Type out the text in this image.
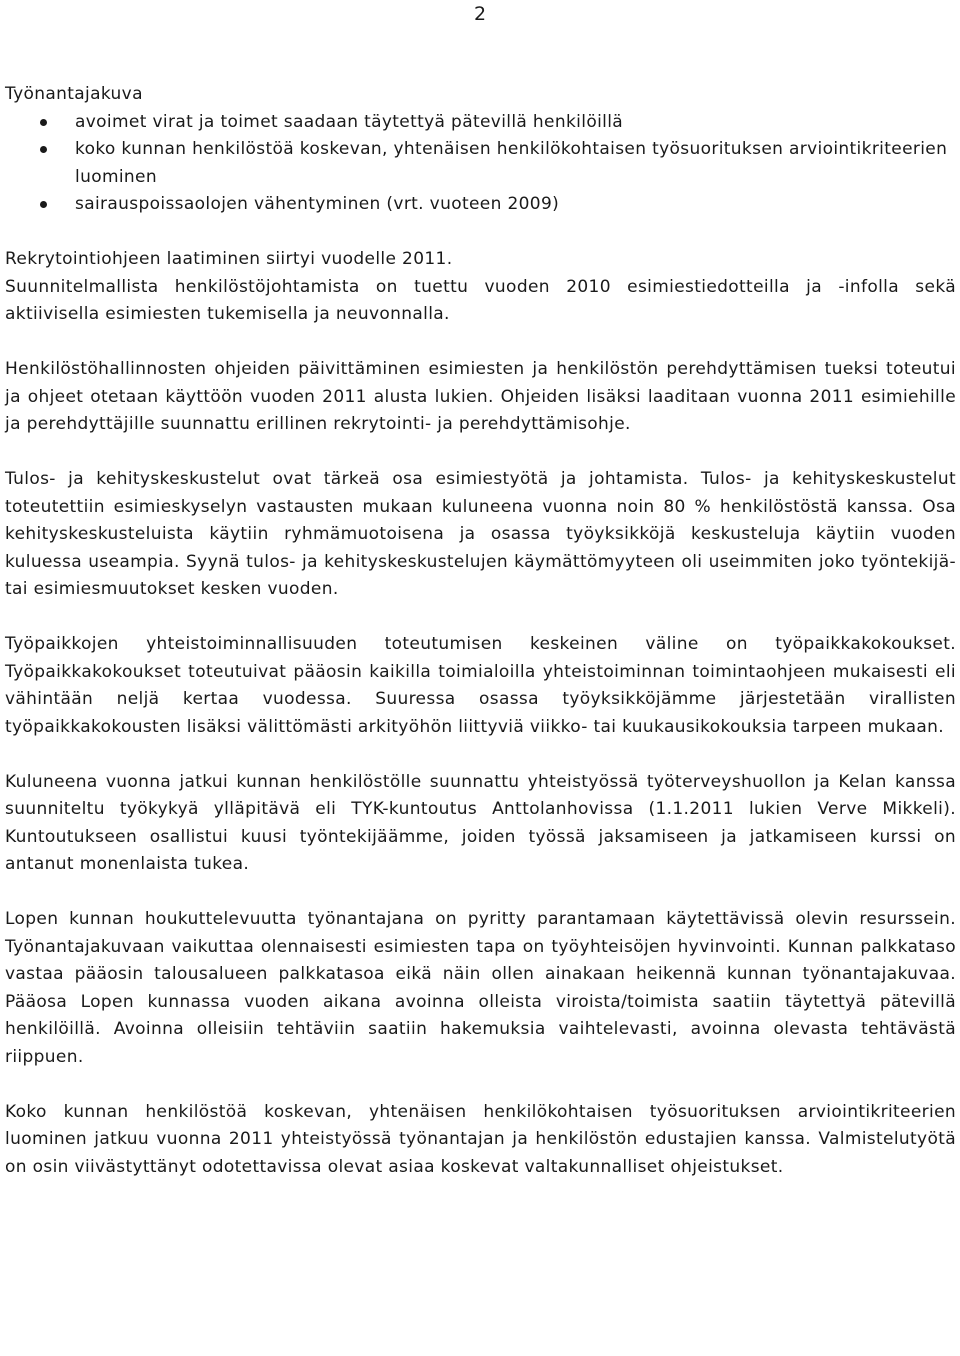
2

Työnantajakuva

avoimet virat ja toimet saadaan täytettyä pätevillä henkilöillä
koko kunnan henkilöstöä koskevan, yhtenäisen henkilökohtaisen työsuorituksen arviointikriteerien luominen
sairauspoissaolojen vähentyminen (vrt. vuoteen 2009)

Rekrytointiohjeen laatiminen siirtyi vuodelle 2011.

Suunnitelmallista henkilöstöjohtamista on tuettu vuoden 2010 esimiestiedotteilla ja -infolla sekä aktiivisella esimiesten tukemisella ja neuvonnalla.

Henkilöstöhallinnosten ohjeiden päivittäminen esimiesten ja henkilöstön perehdyttämisen tueksi toteutui ja ohjeet otetaan käyttöön vuoden 2011 alusta lukien. Ohjeiden lisäksi laaditaan vuonna 2011 esimiehille ja perehdyttäjille suunnattu erillinen rekrytointi- ja perehdyttämisohje.

Tulos- ja kehityskeskustelut ovat tärkeä osa esimiestyötä ja johtamista. Tulos- ja kehityskeskustelut toteutettiin esimieskyselyn vastausten mukaan kuluneena vuonna noin 80 % henkilöstöstä kanssa. Osa kehityskeskusteluista käytiin ryhmämuotoisena ja osassa työyksikköjä keskusteluja käytiin vuoden kuluessa useampia. Syynä tulos- ja kehityskeskustelujen käymättömyyteen oli useimmiten joko työntekijä- tai esimiesmuutokset kesken vuoden.

Työpaikkojen yhteistoiminnallisuuden toteutumisen keskeinen väline on työpaikkakokoukset. Työpaikkakokoukset toteutuivat pääosin kaikilla toimialoilla yhteistoiminnan toimintaohjeen mukaisesti eli vähintään neljä kertaa vuodessa. Suuressa osassa työyksikköjämme järjestetään virallisten työpaikkakokousten lisäksi välittömästi arkityöhön liittyviä viikko- tai kuukausikokouksia tarpeen mukaan.

Kuluneena vuonna jatkui kunnan henkilöstölle suunnattu yhteistyössä työterveyshuollon ja Kelan kanssa suunniteltu työkykyä ylläpitävä eli TYK-kuntoutus Anttolanhovissa (1.1.2011 lukien Verve Mikkeli). Kuntoutukseen osallistui kuusi työntekijäämme, joiden työssä jaksamiseen ja jatkamiseen kurssi on antanut monenlaista tukea.

Lopen kunnan houkuttelevuutta työnantajana on pyritty parantamaan käytettävissä olevin resurssein. Työnantajakuvaan vaikuttaa olennaisesti esimiesten tapa on työyhteisöjen hyvinvointi. Kunnan palkkataso vastaa pääosin talousalueen palkkatasoa eikä näin ollen ainakaan heikennä kunnan työnantajakuvaa. Pääosa Lopen kunnassa vuoden aikana avoinna olleista viroista/toimista saatiin täytettyä pätevillä henkilöillä. Avoinna olleisiin tehtäviin saatiin hakemuksia vaihtelevasti, avoinna olevasta tehtävästä riippuen.

Koko kunnan henkilöstöä koskevan, yhtenäisen henkilökohtaisen työsuorituksen arviointikriteerien luominen jatkuu vuonna 2011 yhteistyössä työnantajan ja henkilöstön edustajien kanssa. Valmistelutyötä on osin viivästyttänyt odotettavissa olevat asiaa koskevat valtakunnalliset ohjeistukset.
